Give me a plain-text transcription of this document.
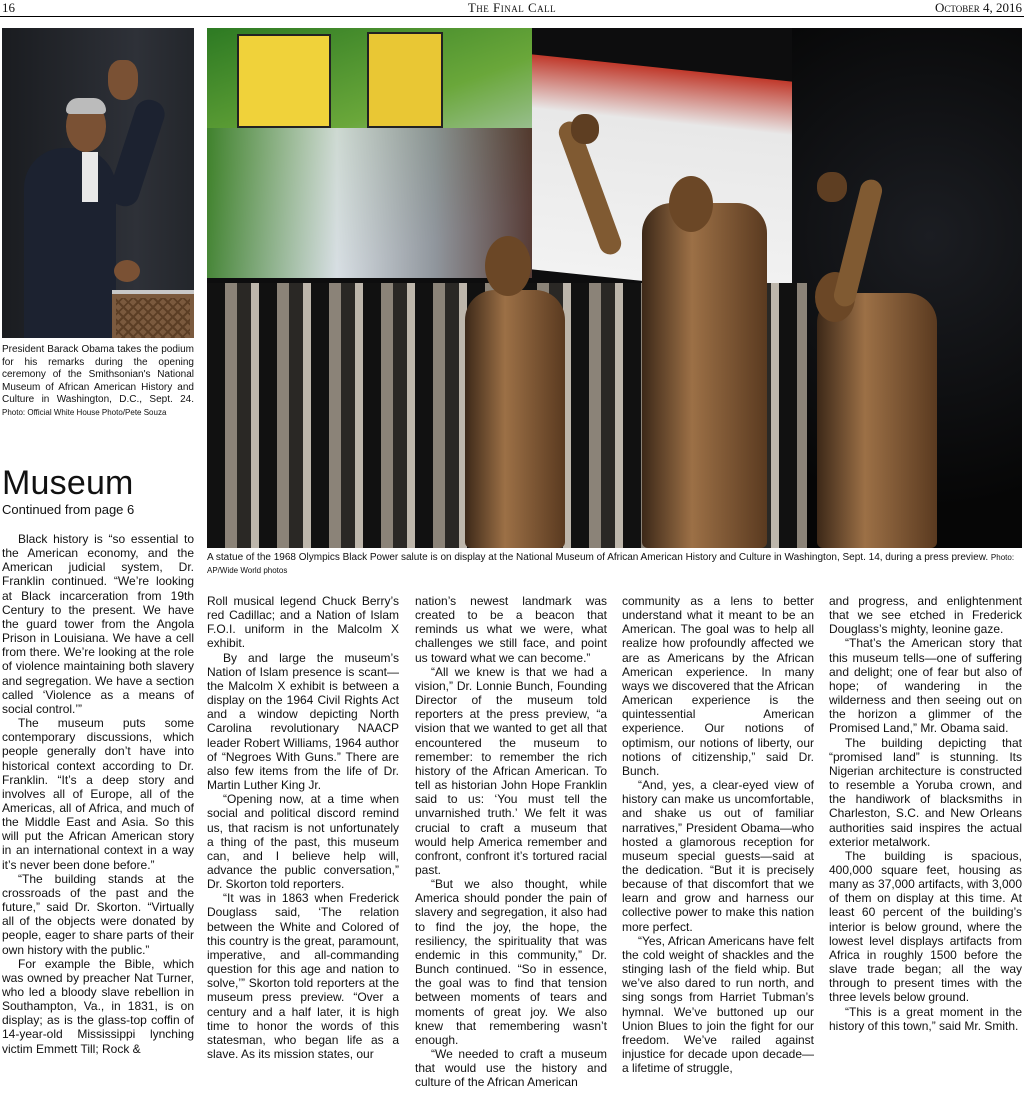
16	The Final Call	October 4, 2016
President Barack Obama takes the podium for his remarks during the opening ceremony of the Smithsonian's National Museum of African American History and Culture in Washington, D.C., Sept. 24. Photo: Official White House Photo/Pete Souza
A statue of the 1968 Olympics Black Power salute is on display at the National Museum of African American History and Culture in Washington, Sept. 14, during a press preview. Photo: AP/Wide World photos
Museum
Continued from page 6

Black history is “so essential to the American economy, and the American judicial system, Dr. Franklin continued. “We’re looking at Black incarceration from 19th Century to the present. We have the guard tower from the Angola Prison in Louisiana. We have a cell from there. We’re looking at the role of violence maintaining both slavery and segregation. We have a section called ‘Violence as a means of social control.’”

The museum puts some contemporary discussions, which people generally don’t have into historical context according to Dr. Franklin. “It’s a deep story and involves all of Europe, all of the Americas, all of Africa, and much of the Middle East and Asia. So this will put the African American story in an international context in a way it’s never been done before.”

“The building stands at the crossroads of the past and the future,” said Dr. Skorton. “Virtually all of the objects were donated by people, eager to share parts of their own history with the public.”

For example the Bible, which was owned by preacher Nat Turner, who led a bloody slave rebellion in Southampton, Va., in 1831, is on display; as is the glass-top coffin of 14-year-old Mississippi lynching victim Emmett Till; Rock &

Roll musical legend Chuck Berry’s red Cadillac; and a Nation of Islam F.O.I. uniform in the Malcolm X exhibit.

By and large the museum’s Nation of Islam presence is scant—the Malcolm X exhibit is between a display on the 1964 Civil Rights Act and a window depicting North Carolina revolutionary NAACP leader Robert Williams, 1964 author of “Negroes With Guns.” There are also few items from the life of Dr. Martin Luther King Jr.

“Opening now, at a time when social and political discord remind us, that racism is not unfortunately a thing of the past, this museum can, and I believe help will, advance the public conversation,” Dr. Skorton told reporters.

“It was in 1863 when Frederick Douglass said, ‘The relation between the White and Colored of this country is the great, paramount, imperative, and all-commanding question for this age and nation to solve,’” Skorton told reporters at the museum press preview. “Over a century and a half later, it is high time to honor the words of this statesman, who began life as a slave. As its mission states, our

nation’s newest landmark was created to be a beacon that reminds us what we were, what challenges we still face, and point us toward what we can become.”

“All we knew is that we had a vision,” Dr. Lonnie Bunch, Founding Director of the museum told reporters at the press preview, “a vision that we wanted to get all that encountered the museum to remember: to remember the rich history of the African American. To tell as historian John Hope Franklin said to us: ‘You must tell the unvarnished truth.’ We felt it was crucial to craft a museum that would help America remember and confront, confront it’s tortured racial past.

“But we also thought, while America should ponder the pain of slavery and segregation, it also had to find the joy, the hope, the resiliency, the spirituality that was endemic in this community,” Dr. Bunch continued. “So in essence, the goal was to find that tension between moments of tears and moments of great joy. We also knew that remembering wasn’t enough.

“We needed to craft a museum that would use the history and culture of the African American

community as a lens to better understand what it meant to be an American. The goal was to help all realize how profoundly affected we are as Americans by the African American experience. In many ways we discovered that the African American experience is the quintessential American experience. Our notions of optimism, our notions of liberty, our notions of citizenship,” said Dr. Bunch.

“And, yes, a clear-eyed view of history can make us uncomfortable, and shake us out of familiar narratives,” President Obama—who hosted a glamorous reception for museum special guests—said at the dedication. “But it is precisely because of that discomfort that we learn and grow and harness our collective power to make this nation more perfect.

“Yes, African Americans have felt the cold weight of shackles and the stinging lash of the field whip. But we’ve also dared to run north, and sing songs from Harriet Tubman’s hymnal. We’ve buttoned up our Union Blues to join the fight for our freedom. We’ve railed against injustice for decade upon decade—a lifetime of struggle,

and progress, and enlightenment that we see etched in Frederick Douglass’s mighty, leonine gaze.

“That’s the American story that this museum tells—one of suffering and delight; one of fear but also of hope; of wandering in the wilderness and then seeing out on the horizon a glimmer of the Promised Land,” Mr. Obama said.

The building depicting that “promised land” is stunning. Its Nigerian architecture is constructed to resemble a Yoruba crown, and the handiwork of blacksmiths in Charleston, S.C. and New Orleans authorities said inspires the actual exterior metalwork.

The building is spacious, 400,000 square feet, housing as many as 37,000 artifacts, with 3,000 of them on display at this time. At least 60 percent of the building’s interior is below ground, where the lowest level displays artifacts from Africa in roughly 1500 before the slave trade began; all the way through to present times with the three levels below ground.

“This is a great moment in the history of this town,” said Mr. Smith.
